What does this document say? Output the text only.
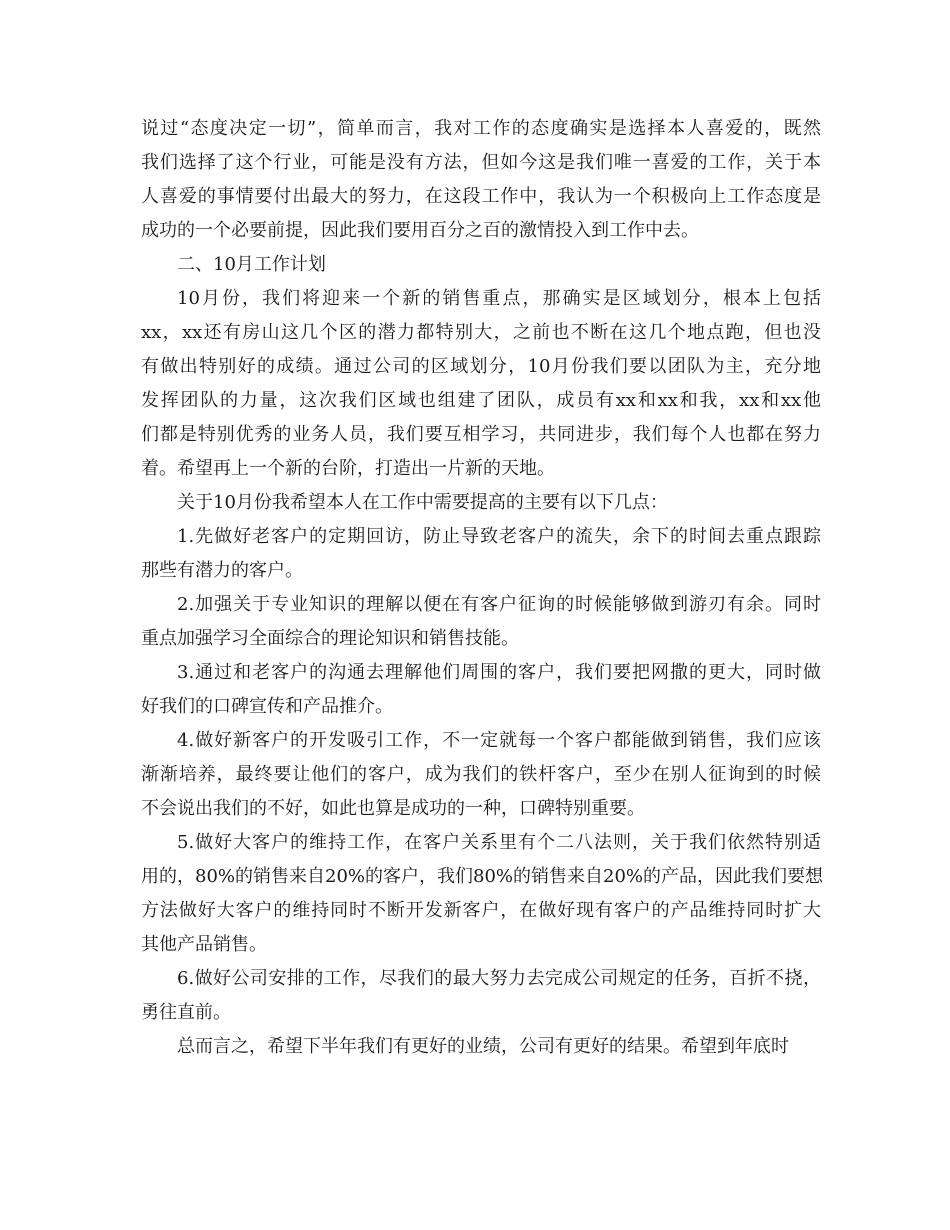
说过“态度决定一切”，简单而言，我对工作的态度确实是选择本人喜爱的，既然
我们选择了这个行业，可能是没有方法，但如今这是我们唯一喜爱的工作，关于本
人喜爱的事情要付出最大的努力，在这段工作中，我认为一个积极向上工作态度是
成功的一个必要前提，因此我们要用百分之百的激情投入到工作中去。
二、10月工作计划
10月份，我们将迎来一个新的销售重点，那确实是区域划分，根本上包括
xx，xx还有房山这几个区的潜力都特别大，之前也不断在这几个地点跑，但也没
有做出特别好的成绩。通过公司的区域划分，10月份我们要以团队为主，充分地
发挥团队的力量，这次我们区域也组建了团队，成员有xx和xx和我，xx和xx他
们都是特别优秀的业务人员，我们要互相学习，共同进步，我们每个人也都在努力
着。希望再上一个新的台阶，打造出一片新的天地。
关于10月份我希望本人在工作中需要提高的主要有以下几点：
1.先做好老客户的定期回访，防止导致老客户的流失，余下的时间去重点跟踪
那些有潜力的客户。
2.加强关于专业知识的理解以便在有客户征询的时候能够做到游刃有余。同时
重点加强学习全面综合的理论知识和销售技能。
3.通过和老客户的沟通去理解他们周围的客户，我们要把网撒的更大，同时做
好我们的口碑宣传和产品推介。
4.做好新客户的开发吸引工作，不一定就每一个客户都能做到销售，我们应该
渐渐培养，最终要让他们的客户，成为我们的铁杆客户，至少在别人征询到的时候
不会说出我们的不好，如此也算是成功的一种，口碑特别重要。
5.做好大客户的维持工作，在客户关系里有个二八法则，关于我们依然特别适
用的，80%的销售来自20%的客户，我们80%的销售来自20%的产品，因此我们要想
方法做好大客户的维持同时不断开发新客户，在做好现有客户的产品维持同时扩大
其他产品销售。
6.做好公司安排的工作，尽我们的最大努力去完成公司规定的任务，百折不挠，
勇往直前。
总而言之，希望下半年我们有更好的业绩，公司有更好的结果。希望到年底时
